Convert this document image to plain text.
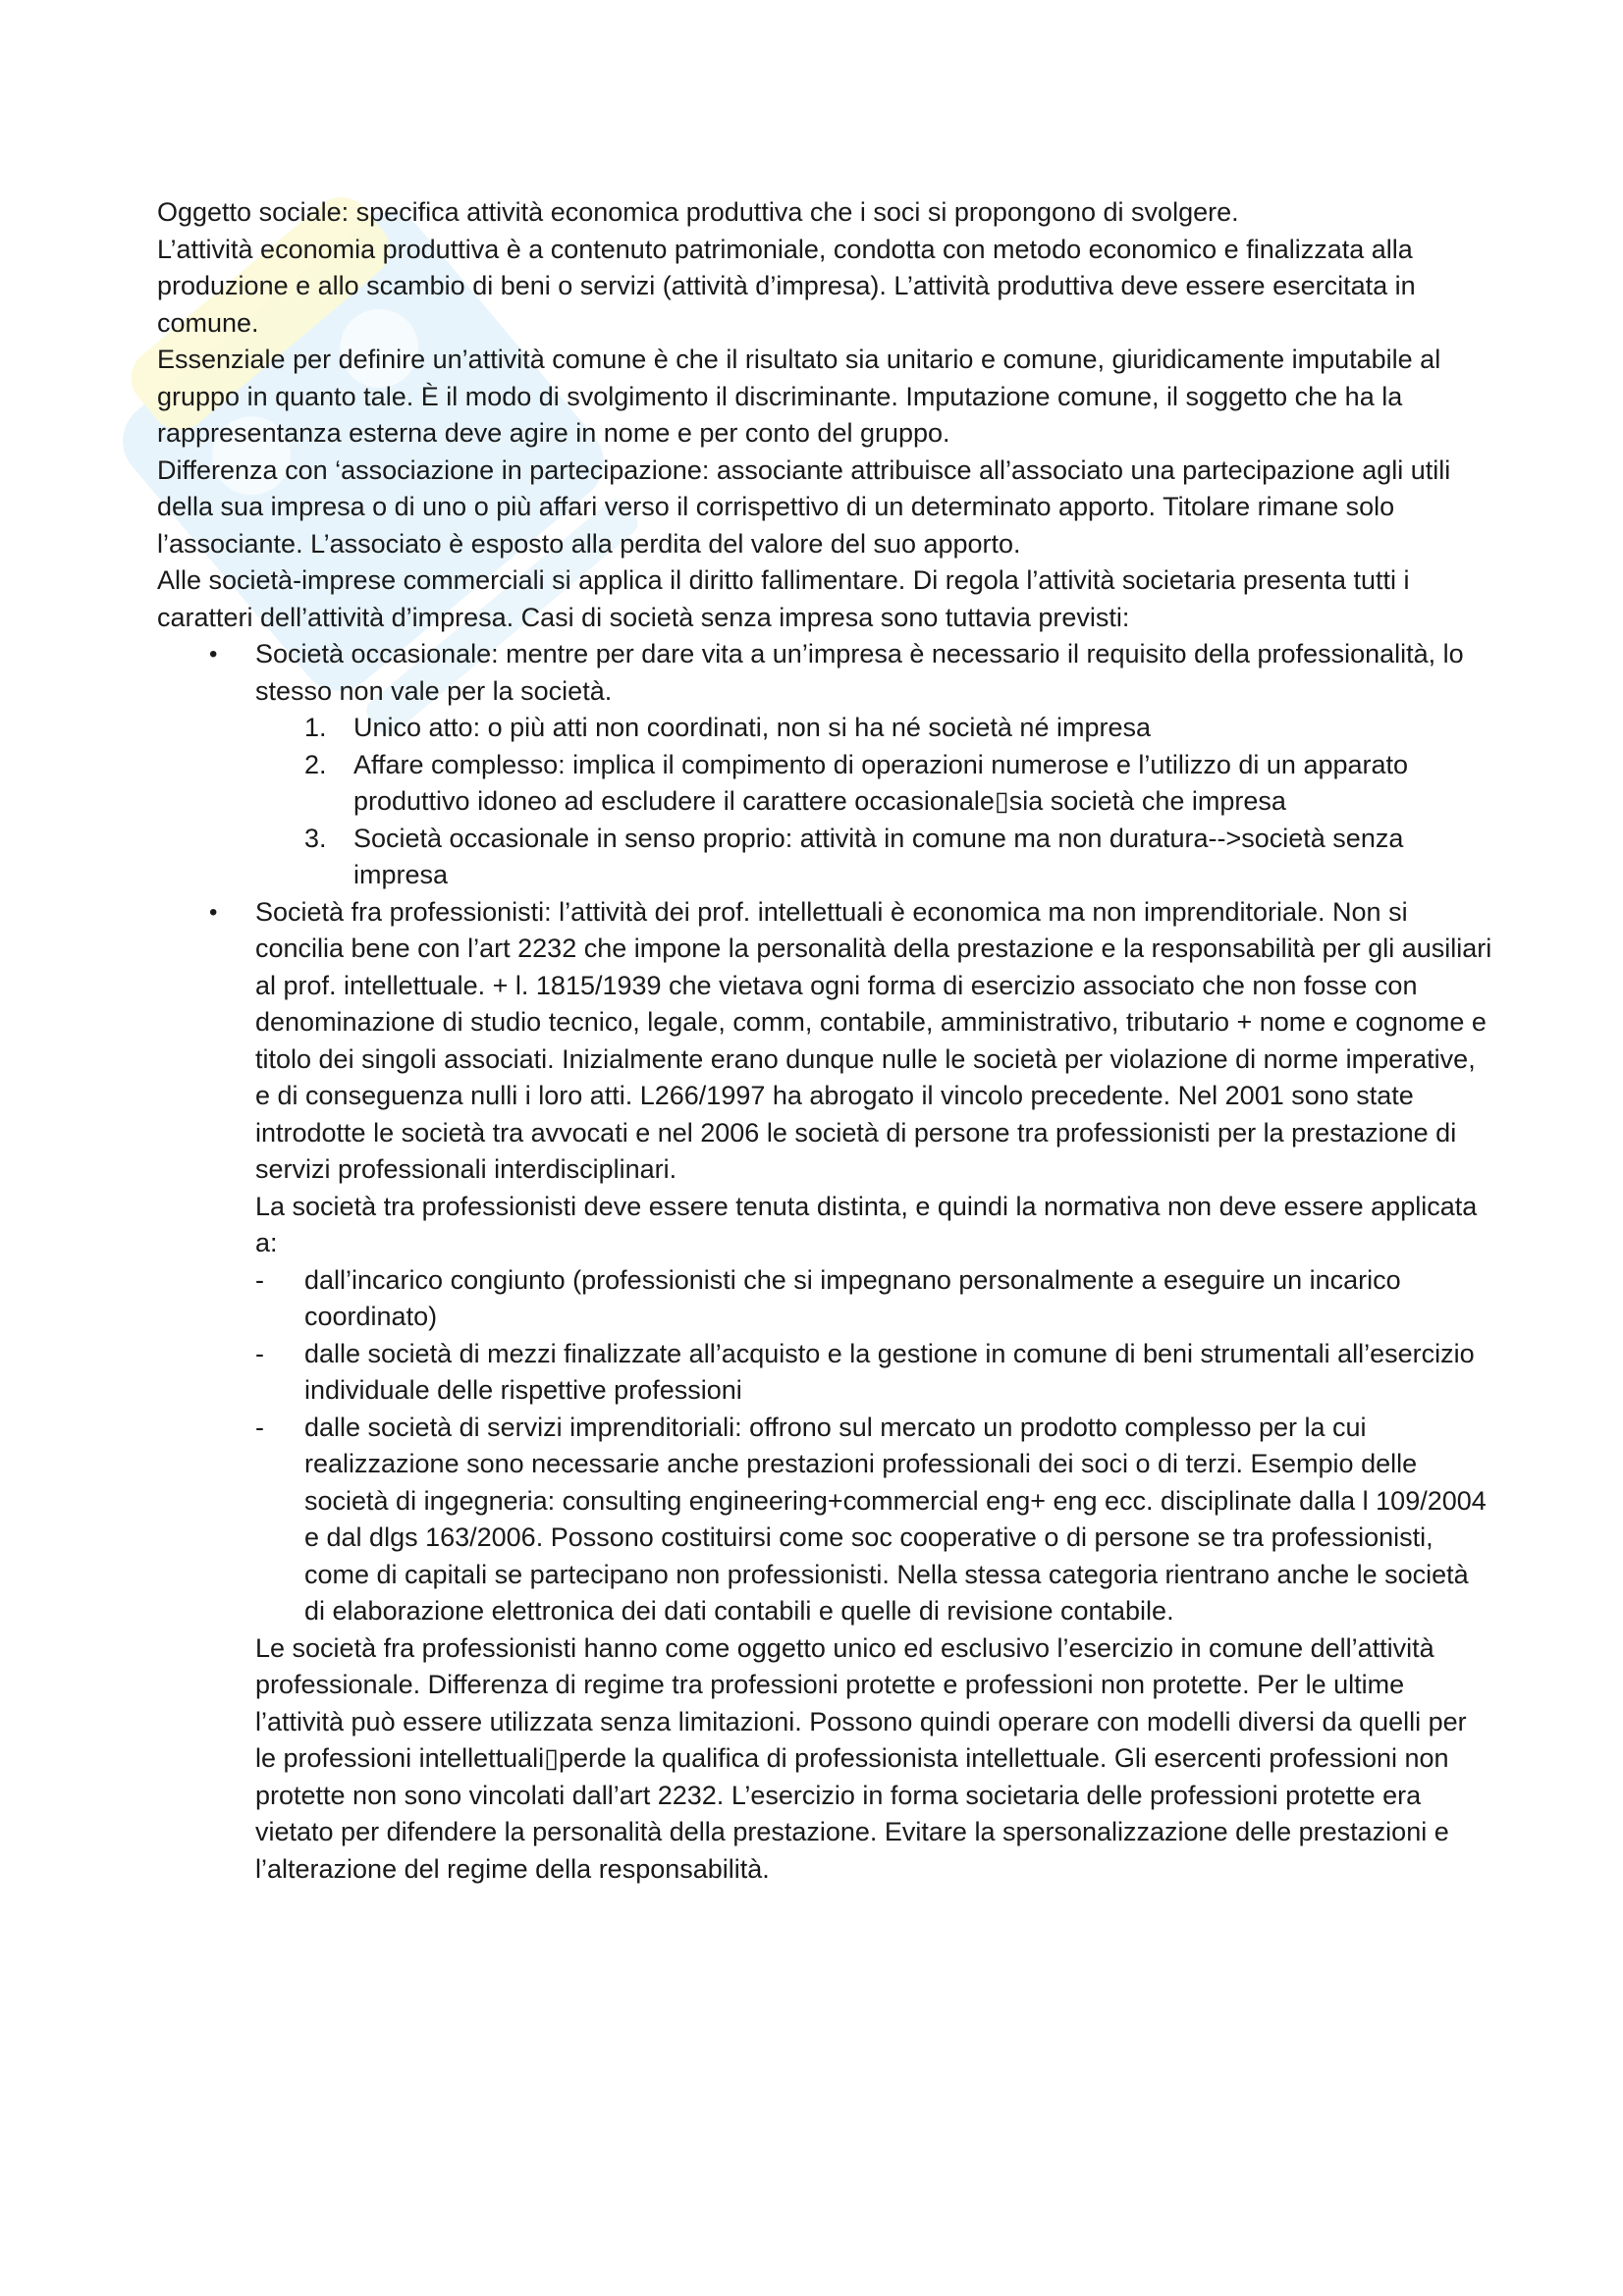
Oggetto sociale: specifica attività economica produttiva che i soci si propongono di svolgere.

L’attività economia produttiva è a contenuto patrimoniale, condotta con metodo economico e finalizzata alla produzione e allo scambio di beni o servizi (attività d’impresa). L’attività produttiva deve essere esercitata in comune.

Essenziale per definire un’attività comune è che il risultato sia unitario e comune, giuridicamente imputabile al gruppo in quanto tale. È il modo di svolgimento il discriminante. Imputazione comune, il soggetto che ha la rappresentanza esterna deve agire in nome e per conto del gruppo.

Differenza con ‘associazione in partecipazione: associante attribuisce all’associato una partecipazione agli utili della sua impresa o di uno o più affari verso il corrispettivo di un determinato apporto. Titolare rimane solo l’associante. L’associato è esposto alla perdita del valore del suo apporto.

Alle società-imprese commerciali si applica il diritto fallimentare. Di regola l’attività societaria presenta tutti i caratteri dell’attività d’impresa. Casi di società senza impresa sono tuttavia previsti:

• Società occasionale: mentre per dare vita a un’impresa è necessario il requisito della professionalità, lo stesso non vale per la società.
1. Unico atto: o più atti non coordinati, non si ha né società né impresa
2. Affare complesso: implica il compimento di operazioni numerose e l’utilizzo di un apparato produttivo idoneo ad escludere il carattere occasionale▯sia società che impresa
3. Società occasionale in senso proprio: attività in comune ma non duratura-->società senza impresa
• Società fra professionisti: l’attività dei prof. intellettuali è economica ma non imprenditoriale. Non si concilia bene con l’art 2232 che impone la personalità della prestazione e la responsabilità per gli ausiliari al prof. intellettuale. + l. 1815/1939 che vietava ogni forma di esercizio associato che non fosse con denominazione di studio tecnico, legale, comm, contabile, amministrativo, tributario + nome e cognome e titolo dei singoli associati. Inizialmente erano dunque nulle le società per violazione di norme imperative, e di conseguenza nulli i loro atti. L266/1997 ha abrogato il vincolo precedente. Nel 2001 sono state introdotte le società tra avvocati e nel 2006 le società di persone tra professionisti per la prestazione di servizi professionali interdisciplinari.
La società tra professionisti deve essere tenuta distinta, e quindi la normativa non deve essere applicata a:
- dall’incarico congiunto (professionisti che si impegnano personalmente a eseguire un incarico coordinato)
- dalle società di mezzi finalizzate all’acquisto e la gestione in comune di beni strumentali all’esercizio individuale delle rispettive professioni
- dalle società di servizi imprenditoriali: offrono sul mercato un prodotto complesso per la cui realizzazione sono necessarie anche prestazioni professionali dei soci o di terzi. Esempio delle società di ingegneria: consulting engineering+commercial eng+ eng ecc. disciplinate dalla l 109/2004 e dal dlgs 163/2006. Possono costituirsi come soc cooperative o di persone se tra professionisti, come di capitali se partecipano non professionisti. Nella stessa categoria rientrano anche le società di elaborazione elettronica dei dati contabili e quelle di revisione contabile.
Le società fra professionisti hanno come oggetto unico ed esclusivo l’esercizio in comune dell’attività professionale. Differenza di regime tra professioni protette e professioni non protette. Per le ultime l’attività può essere utilizzata senza limitazioni. Possono quindi operare con modelli diversi da quelli per le professioni intellettuali▯perde la qualifica di professionista intellettuale. Gli esercenti professioni non protette non sono vincolati dall’art 2232. L’esercizio in forma societaria delle professioni protette era vietato per difendere la personalità della prestazione. Evitare la spersonalizzazione delle prestazioni e l’alterazione del regime della responsabilità.
